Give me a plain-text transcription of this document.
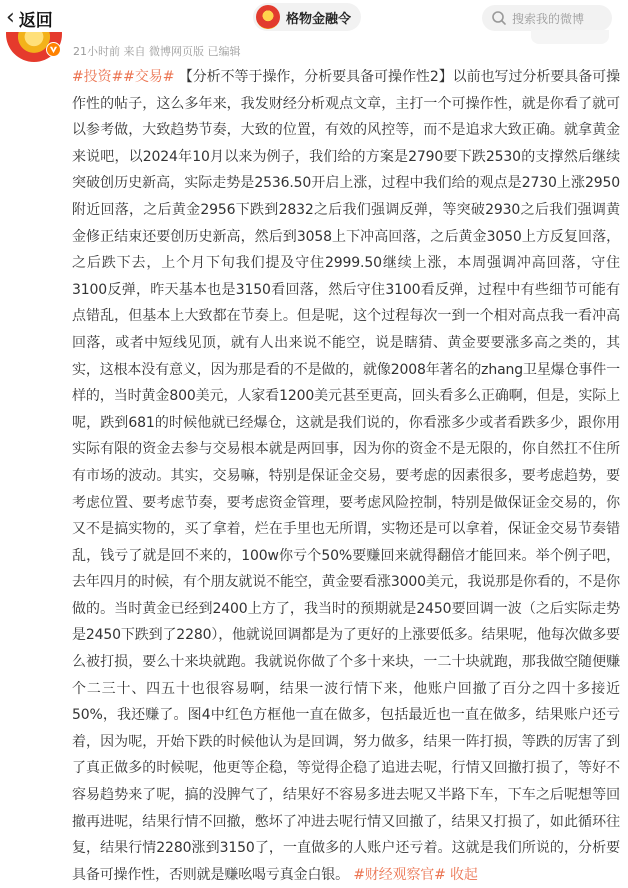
‹ 返回	格物金融令	搜索我的微博
21小时前 来自 微博网页版 已编辑
#投资##交易# 【分析不等于操作，分析要具备可操作性2】以前也写过分析要具备可操作性的帖子，这么多年来，我发财经分析观点文章，主打一个可操作性，就是你看了就可以参考做，大致趋势节奏，大致的位置，有效的风控等，而不是追求大致正确。就拿黄金来说吧，以2024年10月以来为例子，我们给的方案是2790要下跌2530的支撑然后继续突破创历史新高，实际走势是2536.50开启上涨，过程中我们给的观点是2730上涨2950附近回落，之后黄金2956下跌到2832之后我们强调反弹，等突破2930之后我们强调黄金修正结束还要创历史新高，然后到3058上下冲高回落，之后黄金3050上方反复回落，之后跌下去，上个月下旬我们提及守住2999.50继续上涨，本周强调冲高回落，守住3100反弹，昨天基本也是3150看回落，然后守住3100看反弹，过程中有些细节可能有点错乱，但基本上大致都在节奏上。但是呢，这个过程每次一到一个相对高点我一看冲高回落，或者中短线见顶，就有人出来说不能空，说是瞎猜、黄金要要涨多高之类的，其实，这根本没有意义，因为那是看的不是做的，就像2008年著名的zhang卫星爆仓事件一样的，当时黄金800美元，人家看1200美元甚至更高，回头看多么正确啊，但是，实际上呢，跌到681的时候他就已经爆仓，这就是我们说的，你看涨多少或者看跌多少，跟你用实际有限的资金去参与交易根本就是两回事，因为你的资金不是无限的，你自然扛不住所有市场的波动。其实，交易嘛，特别是保证金交易，要考虑的因素很多，要考虑趋势，要考虑位置、要考虑节奏，要考虑资金管理，要考虑风险控制，特别是做保证金交易的，你又不是搞实物的，买了拿着，烂在手里也无所谓，实物还是可以拿着，保证金交易节奏错乱，钱亏了就是回不来的，100w你亏个50%要赚回来就得翻倍才能回来。举个例子吧，去年四月的时候，有个朋友就说不能空，黄金要看涨3000美元，我说那是你看的，不是你做的。当时黄金已经到2400上方了，我当时的预期就是2450要回调一波（之后实际走势是2450下跌到了2280），他就说回调都是为了更好的上涨要低多。结果呢，他每次做多要么被打损，要么十来块就跑。我就说你做了个多十来块，一二十块就跑，那我做空随便赚个二三十、四五十也很容易啊，结果一波行情下来，他账户回撤了百分之四十多接近50%，我还赚了。图4中红色方框他一直在做多，包括最近也一直在做多，结果账户还亏着，因为呢，开始下跌的时候他认为是回调，努力做多，结果一阵打损，等跌的厉害了到了真正做多的时候呢，他更等企稳，等觉得企稳了追进去呢，行情又回撤打损了，等好不容易趋势来了呢，搞的没脾气了，结果好不容易多进去呢又半路下车，下车之后呢想等回撤再进呢，结果行情不回撤，憋坏了冲进去呢行情又回撤了，结果又打损了，如此循环往复，结果行情2280涨到3150了，一直做多的人账户还亏着。这就是我们所说的，分析要具备可操作性，否则就是赚吆喝亏真金白银。 #财经观察官# 收起
